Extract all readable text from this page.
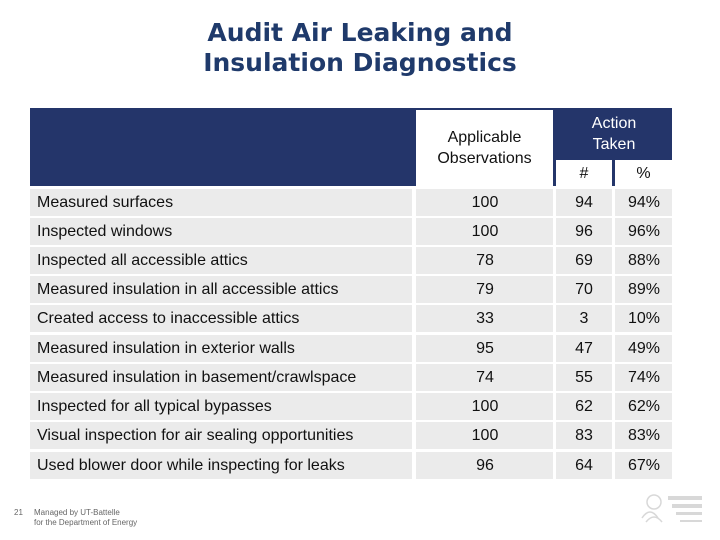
Audit Air Leaking and
Insulation Diagnostics
Applicable Observations
Action Taken
#	%
Measured surfaces	100	94	94%
Inspected windows	100	96	96%
Inspected all accessible attics	78	69	88%
Measured insulation in all accessible attics	79	70	89%
Created access to inaccessible attics	33	3	10%
Measured insulation in exterior walls	95	47	49%
Measured insulation in basement/crawlspace	74	55	74%
Inspected for all typical bypasses	100	62	62%
Visual inspection for air sealing opportunities	100	83	83%
Used blower door while inspecting for leaks	96	64	67%
21 Managed by UT-Battelle
for the Department of Energy
